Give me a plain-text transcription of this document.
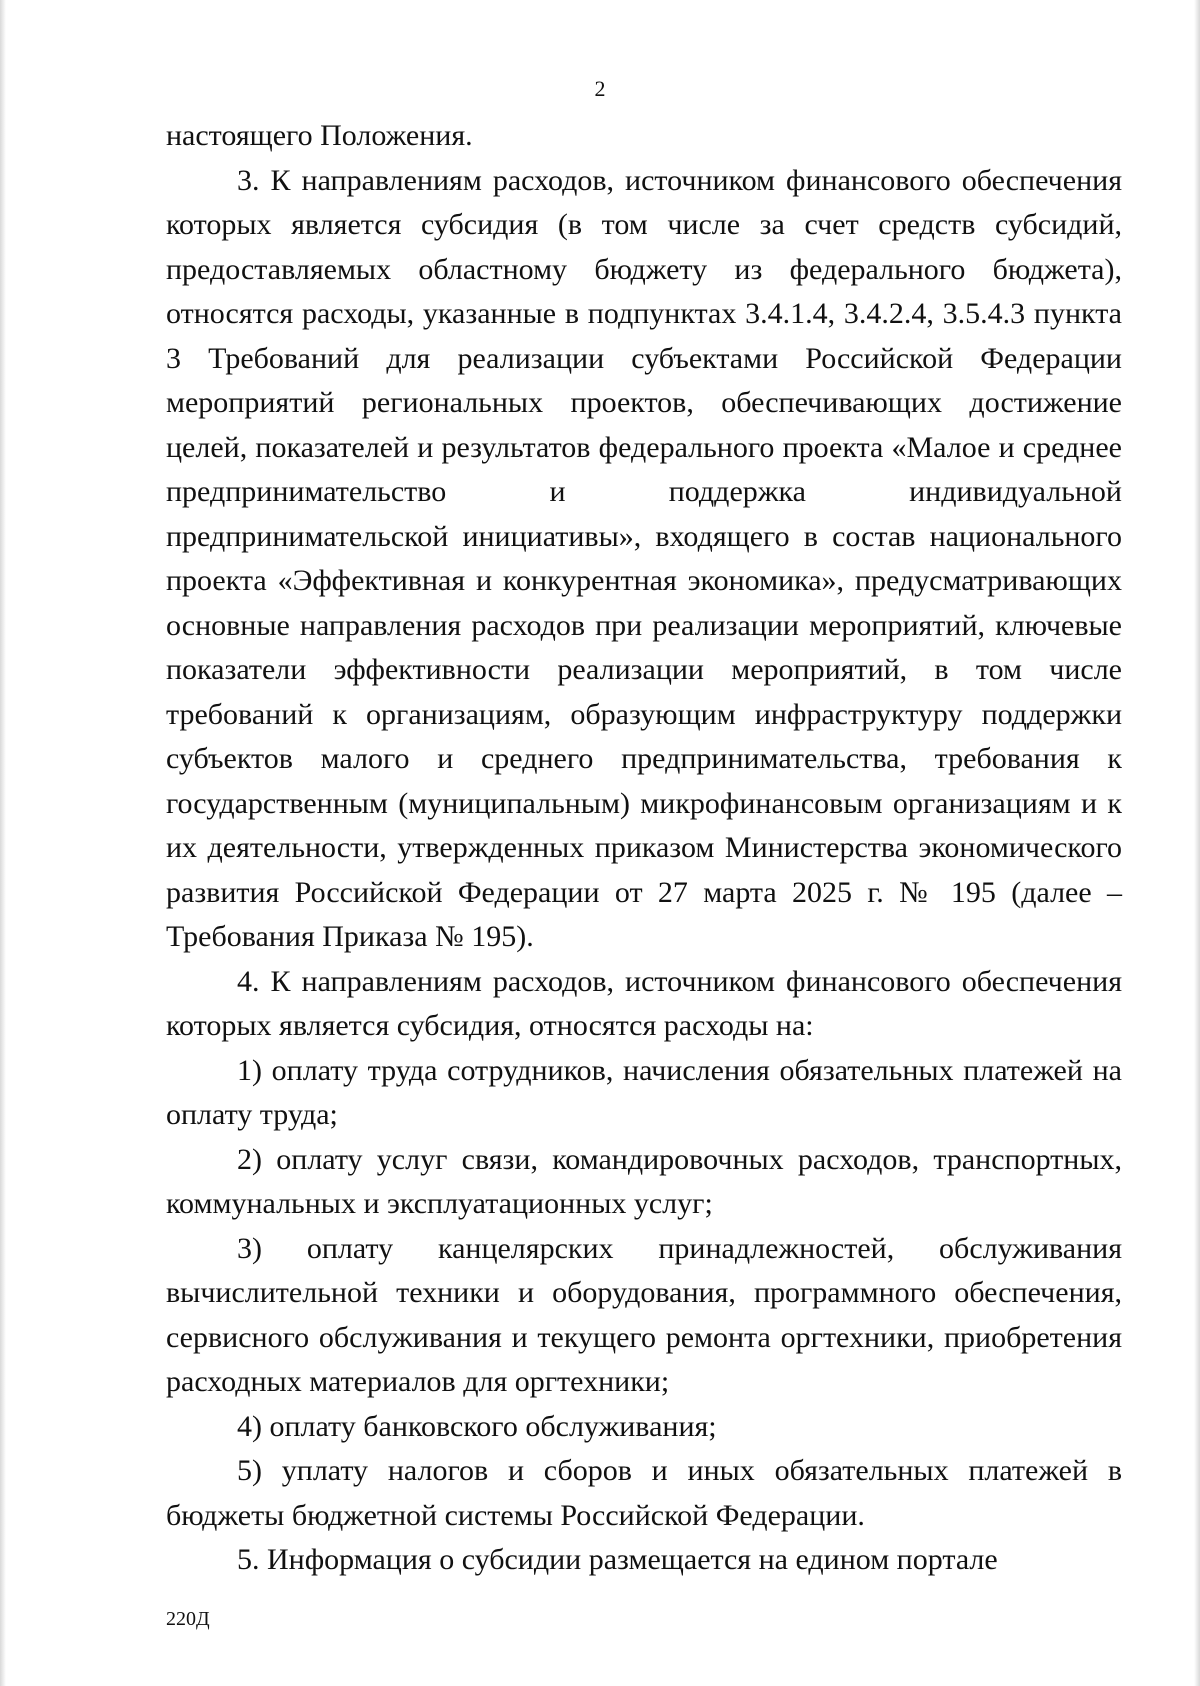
2

настоящего Положения.

3. К направлениям расходов, источником финансового обеспечения которых является субсидия (в том числе за счет средств субсидий, предоставляемых областному бюджету из федерального бюджета), относятся расходы, указанные в подпунктах 3.4.1.4, 3.4.2.4, 3.5.4.3 пункта 3 Требований для реализации субъектами Российской Федерации мероприятий региональных проектов, обеспечивающих достижение целей, показателей и результатов федерального проекта «Малое и среднее предпринимательство и поддержка индивидуальной предпринимательской инициативы», входящего в состав национального проекта «Эффективная и конкурентная экономика», предусматривающих основные направления расходов при реализации мероприятий, ключевые показатели эффективности реализации мероприятий, в том числе требований к организациям, образующим инфраструктуру поддержки субъектов малого и среднего предпринимательства, требования к государственным (муниципальным) микрофинансовым организациям и к их деятельности, утвержденных приказом Министерства экономического развития Российской Федерации от 27 марта 2025 г. № 195 (далее – Требования Приказа № 195).

4. К направлениям расходов, источником финансового обеспечения которых является субсидия, относятся расходы на:

1) оплату труда сотрудников, начисления обязательных платежей на оплату труда;

2) оплату услуг связи, командировочных расходов, транспортных, коммунальных и эксплуатационных услуг;

3) оплату канцелярских принадлежностей, обслуживания вычислительной техники и оборудования, программного обеспечения, сервисного обслуживания и текущего ремонта оргтехники, приобретения расходных материалов для оргтехники;

4) оплату банковского обслуживания;

5) уплату налогов и сборов и иных обязательных платежей в бюджеты бюджетной системы Российской Федерации.

5. Информация о субсидии размещается на едином портале

220Д
